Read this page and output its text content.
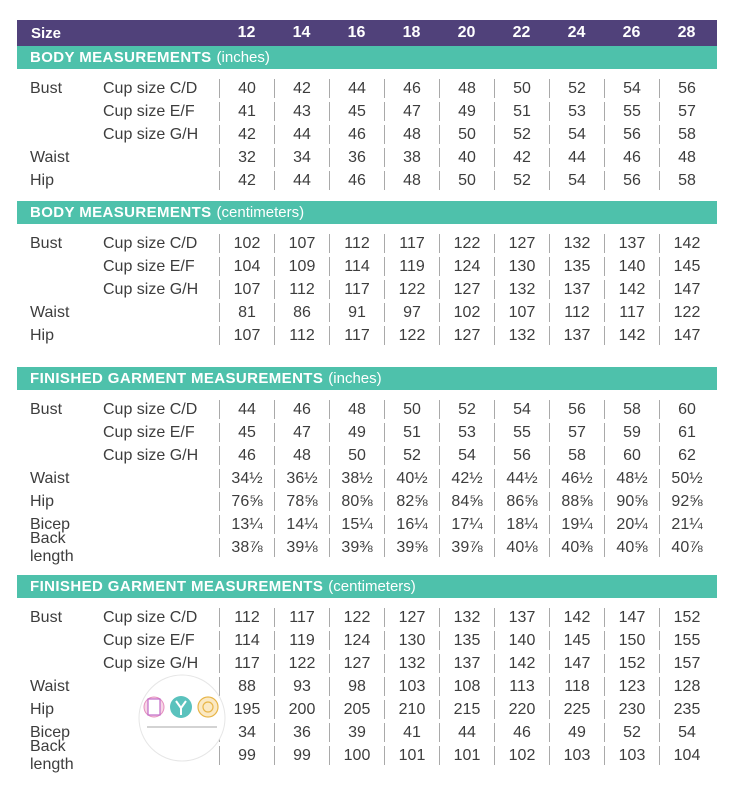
Size	12	14	16	18	20	22	24	26	28
BODY MEASUREMENTS (inches)
Bust	Cup size C/D	40	42	44	46	48	50	52	54	56
Cup size E/F	41	43	45	47	49	51	53	55	57
Cup size G/H	42	44	46	48	50	52	54	56	58
Waist	32	34	36	38	40	42	44	46	48
Hip	42	44	46	48	50	52	54	56	58
BODY MEASUREMENTS (centimeters)
Bust	Cup size C/D	102	107	112	117	122	127	132	137	142
Cup size E/F	104	109	114	119	124	130	135	140	145
Cup size G/H	107	112	117	122	127	132	137	142	147
Waist	81	86	91	97	102	107	112	117	122
Hip	107	112	117	122	127	132	137	142	147
FINISHED GARMENT MEASUREMENTS (inches)
Bust	Cup size C/D	44	46	48	50	52	54	56	58	60
Cup size E/F	45	47	49	51	53	55	57	59	61
Cup size G/H	46	48	50	52	54	56	58	60	62
Waist	34½	36½	38½	40½	42½	44½	46½	48½	50½
Hip	76⅝	78⅝	80⅝	82⅝	84⅝	86⅝	88⅝	90⅝	92⅝
Bicep	13¼	14¼	15¼	16¼	17¼	18¼	19¼	20¼	21¼
Back length	38⅞	39⅛	39⅜	39⅝	39⅞	40⅛	40⅜	40⅝	40⅞
FINISHED GARMENT MEASUREMENTS (centimeters)
Bust	Cup size C/D	112	117	122	127	132	137	142	147	152
Cup size E/F	114	119	124	130	135	140	145	150	155
Cup size G/H	117	122	127	132	137	142	147	152	157
Waist	88	93	98	103	108	113	118	123	128
Hip	195	200	205	210	215	220	225	230	235
Bicep	34	36	39	41	44	46	49	52	54
Back length	99	99	100	101	101	102	103	103	104
